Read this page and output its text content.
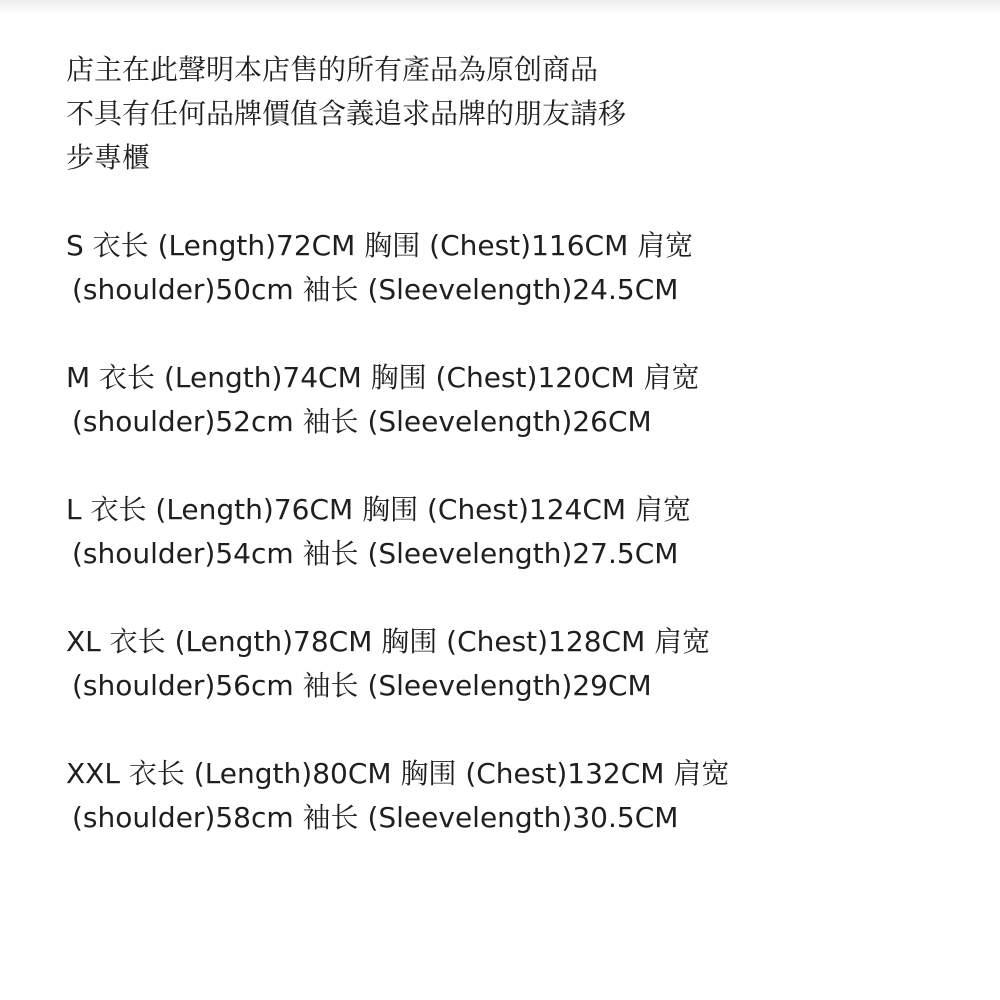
店主在此聲明本店售的所有產品為原创商品
不具有任何品牌價值含義追求品牌的朋友請移
步專櫃
S 衣长 (Length)72CM 胸围 (Chest)116CM 肩宽
(shoulder)50cm 袖长 (Sleevelength)24.5CM
M 衣长 (Length)74CM 胸围 (Chest)120CM 肩宽
(shoulder)52cm 袖长 (Sleevelength)26CM
L 衣长 (Length)76CM 胸围 (Chest)124CM 肩宽
(shoulder)54cm 袖长 (Sleevelength)27.5CM
XL 衣长 (Length)78CM 胸围 (Chest)128CM 肩宽
(shoulder)56cm 袖长 (Sleevelength)29CM
XXL 衣长 (Length)80CM 胸围 (Chest)132CM 肩宽
(shoulder)58cm 袖长 (Sleevelength)30.5CM
